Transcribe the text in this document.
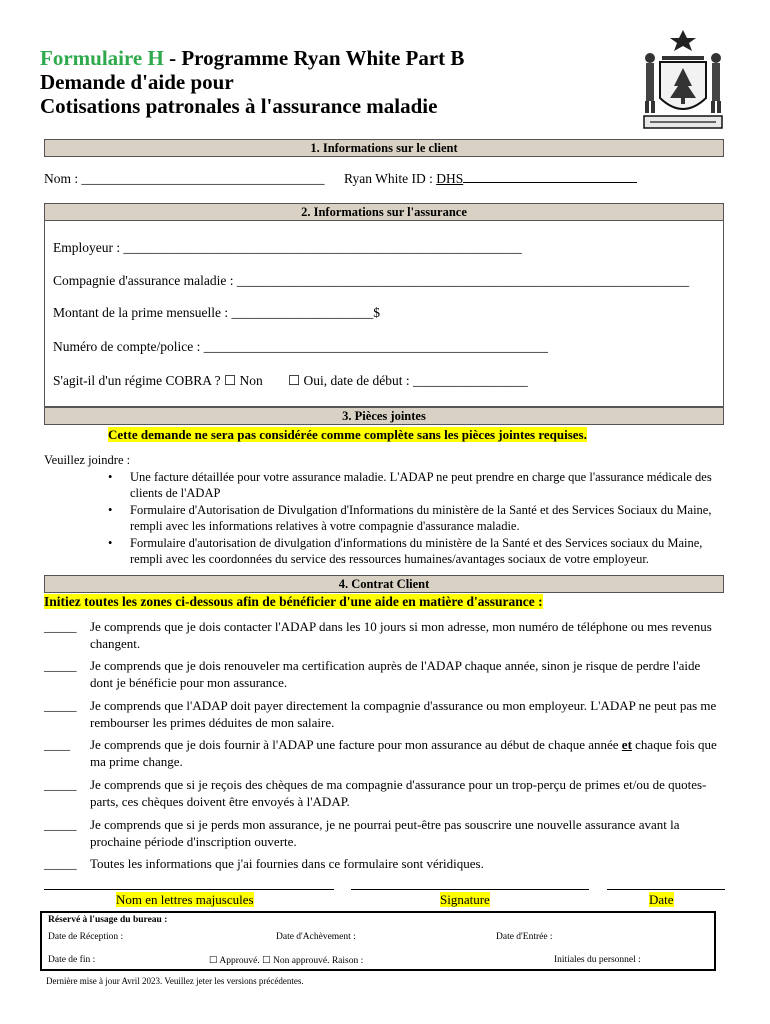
Formulaire H - Programme Ryan White Part B
Demande d'aide pour
Cotisations patronales à l'assurance maladie
1. Informations sur le client
Nom : ____________________________________ Ryan White ID : DHS
2. Informations sur l'assurance
Employeur : ___________________________________________________________
Compagnie d'assurance maladie : ___________________________________________________________________
Montant de la prime mensuelle : _____________________$
Numéro de compte/police : ___________________________________________________
S'agit-il d'un régime COBRA ? ☐ Non ☐ Oui, date de début : _________________
3. Pièces jointes
Cette demande ne sera pas considérée comme complète sans les pièces jointes requises.
Veuillez joindre :
• Une facture détaillée pour votre assurance maladie. L'ADAP ne peut prendre en charge que l'assurance médicale des clients de l'ADAP
• Formulaire d'Autorisation de Divulgation d'Informations du ministère de la Santé et des Services Sociaux du Maine, rempli avec les informations relatives à votre compagnie d'assurance maladie.
• Formulaire d'autorisation de divulgation d'informations du ministère de la Santé et des Services sociaux du Maine, rempli avec les coordonnées du service des ressources humaines/avantages sociaux de votre employeur.
4. Contrat Client
Initiez toutes les zones ci-dessous afin de bénéficier d'une aide en matière d'assurance :
_____ Je comprends que je dois contacter l'ADAP dans les 10 jours si mon adresse, mon numéro de téléphone ou mes revenus changent.
_____ Je comprends que je dois renouveler ma certification auprès de l'ADAP chaque année, sinon je risque de perdre l'aide dont je bénéficie pour mon assurance.
_____ Je comprends que l'ADAP doit payer directement la compagnie d'assurance ou mon employeur. L'ADAP ne peut pas me rembourser les primes déduites de mon salaire.
____ Je comprends que je dois fournir à l'ADAP une facture pour mon assurance au début de chaque année et chaque fois que ma prime change.
_____ Je comprends que si je reçois des chèques de ma compagnie d'assurance pour un trop-perçu de primes et/ou de quotes-parts, ces chèques doivent être envoyés à l'ADAP.
_____ Je comprends que si je perds mon assurance, je ne pourrai peut-être pas souscrire une nouvelle assurance avant la prochaine période d'inscription ouverte.
_____ Toutes les informations que j'ai fournies dans ce formulaire sont véridiques.
Nom en lettres majuscules	Signature	Date
Réservé à l'usage du bureau :
Date de Réception :	Date d'Achèvement :	Date d'Entrée :
Date de fin :	☐ Approuvé. ☐ Non approuvé. Raison :	Initiales du personnel :
Dernière mise à jour Avril 2023. Veuillez jeter les versions précédentes.
